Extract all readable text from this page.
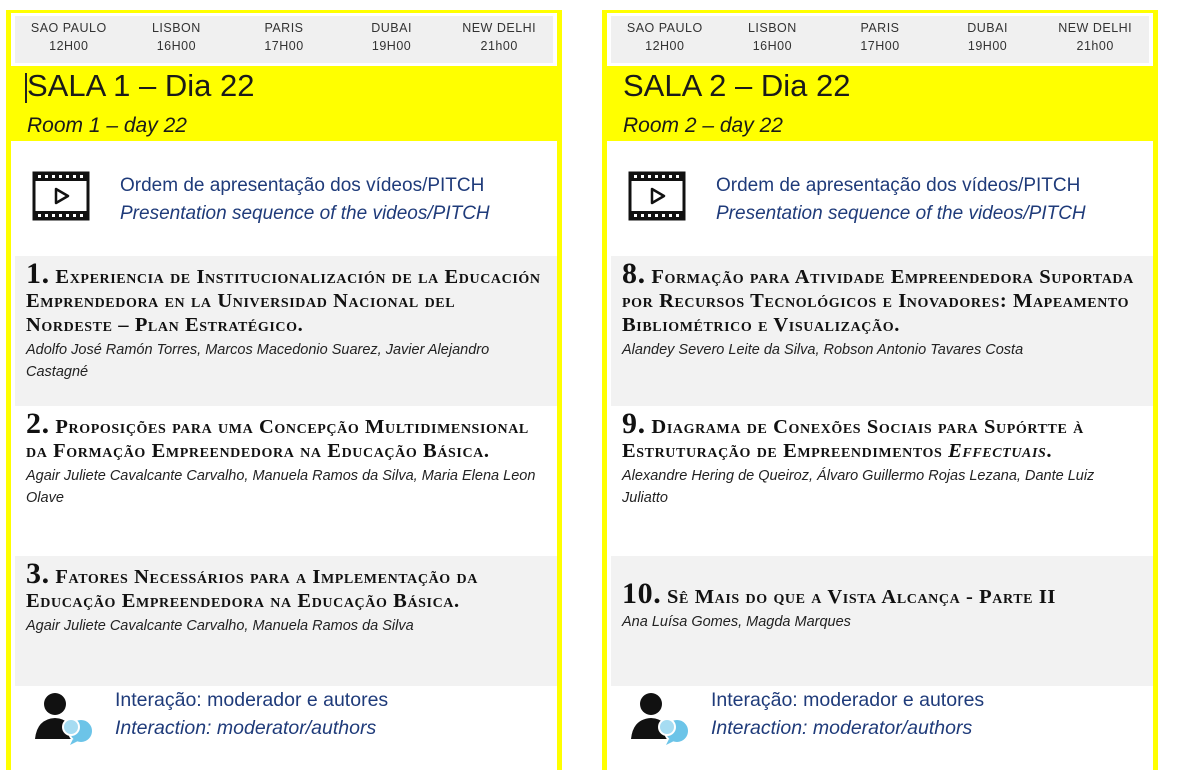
SAO PAULO
12H00
LISBON
16H00
PARIS
17H00
DUBAI
19H00
NEW DELHI
21h00
SALA 1 – Dia 22
Room 1 – day 22
Ordem de apresentação dos vídeos/PITCH
Presentation sequence of the videos/PITCH
1. Experiencia de Institucionalización de la Educación Emprendedora en la Universidad Nacional del Nordeste – Plan Estratégico.
Adolfo José Ramón Torres, Marcos Macedonio Suarez, Javier Alejandro Castagné
2. Proposições para uma Concepção Multidimensional da Formação Empreendedora na Educação Básica.
Agair Juliete Cavalcante Carvalho, Manuela Ramos da Silva, Maria Elena Leon Olave
3. Fatores Necessários para a Implementação da Educação Empreendedora na Educação Básica.
Agair Juliete Cavalcante Carvalho, Manuela Ramos da Silva
Interação: moderador e autores
Interaction: moderator/authors
SAO PAULO
12H00
LISBON
16H00
PARIS
17H00
DUBAI
19H00
NEW DELHI
21h00
SALA 2 – Dia 22
Room 2 – day 22
Ordem de apresentação dos vídeos/PITCH
Presentation sequence of the videos/PITCH
8. Formação para Atividade Empreendedora Suportada por Recursos Tecnológicos e Inovadores: Mapeamento Bibliométrico e Visualização.
Alandey Severo Leite da Silva, Robson Antonio Tavares Costa
9. Diagrama de Conexões Sociais para Supórtte à Estruturação de Empreendimentos Effectuais.
Alexandre Hering de Queiroz, Álvaro Guillermo Rojas Lezana, Dante Luiz Juliatto
10. Sê Mais do que a Vista Alcança - Parte II
Ana Luísa Gomes, Magda Marques
Interação: moderador e autores
Interaction: moderator/authors
